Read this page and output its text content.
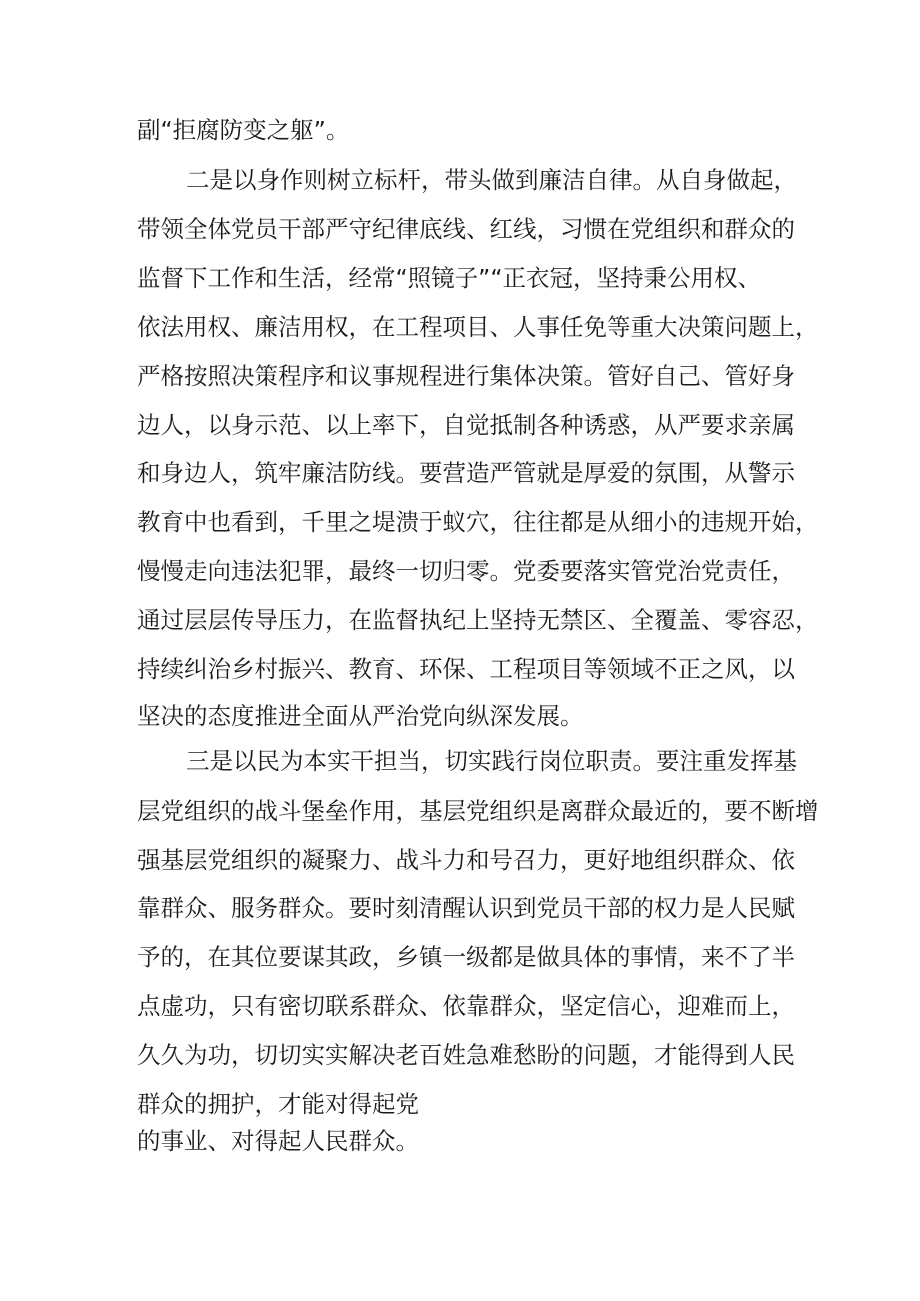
副“拒腐防变之躯”。
二是以身作则树立标杆，带头做到廉洁自律。从自身做起，
带领全体党员干部严守纪律底线、红线，习惯在党组织和群众的
监督下工作和生活，经常“照镜子”“正衣冠，坚持秉公用权、
依法用权、廉洁用权，在工程项目、人事任免等重大决策问题上，
严格按照决策程序和议事规程进行集体决策。管好自己、管好身
边人，以身示范、以上率下，自觉抵制各种诱惑，从严要求亲属
和身边人，筑牢廉洁防线。要营造严管就是厚爱的氛围，从警示
教育中也看到，千里之堤溃于蚁穴，往往都是从细小的违规开始，
慢慢走向违法犯罪，最终一切归零。党委要落实管党治党责任，
通过层层传导压力，在监督执纪上坚持无禁区、全覆盖、零容忍，
持续纠治乡村振兴、教育、环保、工程项目等领域不正之风，以
坚决的态度推进全面从严治党向纵深发展。
三是以民为本实干担当，切实践行岗位职责。要注重发挥基
层党组织的战斗堡垒作用，基层党组织是离群众最近的，要不断增
强基层党组织的凝聚力、战斗力和号召力，更好地组织群众、依
靠群众、服务群众。要时刻清醒认识到党员干部的权力是人民赋
予的，在其位要谋其政，乡镇一级都是做具体的事情，来不了半
点虚功，只有密切联系群众、依靠群众，坚定信心，迎难而上，
久久为功，切切实实解决老百姓急难愁盼的问题，才能得到人民
群众的拥护，才能对得起党
的事业、对得起人民群众。
